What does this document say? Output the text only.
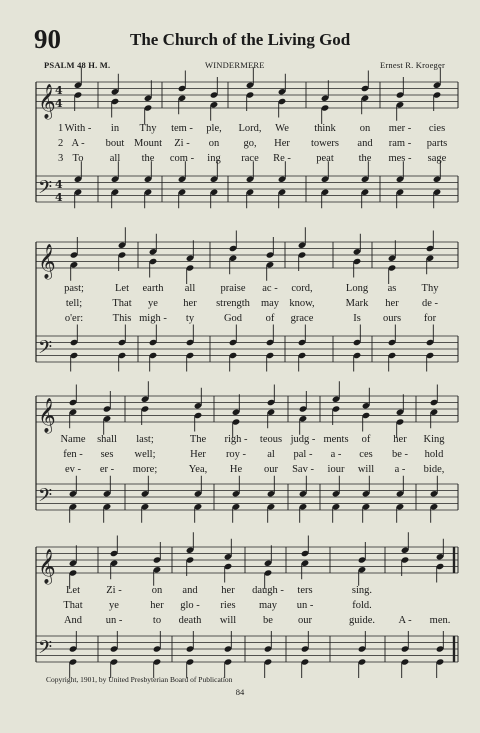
90	The Church of the Living God
PSALM 48 H. M.	WINDERMERE	Ernest R. Kroeger
𝄞
𝄢
4
4
4
4
1 With - in Thy tem - ple, Lord, We think on mer - cies
2 A - bout Mount Zi - on go, Her towers and ram - parts
3 To	all the com - ing race Re - peat the mes - sage
𝄞
𝄢
past;	Let earth all praise ac - cord,	Long as Thy
tell;	That ye her strength may know,	Mark her de -
o'er:	This migh - ty	God of grace	Is ours for
𝄞
𝄢
Name shall last;	The righ - teous judg - ments of her King
fen - ses well;	Her roy - al pal - a - ces be - hold
ev - er - more;	Yea, He our Sav - iour will a - bide,
𝄞
𝄢
Let	Zi -	on and her daugh - ters	sing.
That	ye	her glo - ries may un -	fold.
And un -	to death will	be our	guide. A - men.
Copyright, 1901, by United Presbyterian Board of Publication
84
